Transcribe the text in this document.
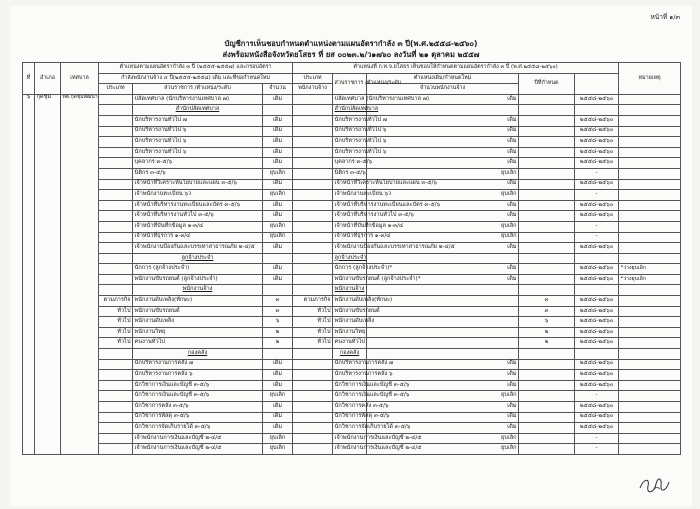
หน้าที่ ๑/๓
บัญชีการเห็นชอบกำหนดตำแหน่งตามแผนอัตรากำลัง ๓ ปี(พ.ศ.๒๕๕๘-๒๕๖๐)
ส่งพร้อมหนังสือจังหวัดยโสธร ที่ ยส ๐๐๒๓.๒/ว๑๗๖๐ ลงวันที่ ๒๑ ตุลาคม ๒๕๕๗
ที่	อำเภอ	เทศบาล	ตำแหน่งตามแผนอัตรากำลัง ๓ ปี (๒๕๕๕-๒๕๕๗) และกรอบอัตรา			ตำแหน่งที่ ก.ท.จ.ยโสธร เห็นชอบให้กำหนดตามแผนอัตรากำลัง ๓ ปี (พ.ศ.๒๕๕๘-๒๕๖๐)					หมายเหตุ
			กำลังพนักงานจ้าง ๔ ปี(๒๕๕๕-๒๕๕๘) เดิม และที่ขอกำหนดใหม่			ประเภท	ส่วนราชการ /ตำแหน่ง/ระดับ	ตำแหน่งเดิม/กำหนดใหม่	ปีที่กำหนด		
			ประเภท	ส่วนราชการ /ตำแหน่ง/ระดับ	จำนวน	พนักงานจ้าง		จำนวนพนักงานจ้าง			
๖	กุดชุม	ทต.กุดชุมพัฒนา		ปลัดเทศบาล (นักบริหารงานเทศบาล ๗)	เดิม		ปลัดเทศบาล (นักบริหารงานเทศบาล ๗)	เดิม		๒๕๕๘-๒๕๖๐	
				สำนักปลัดเทศบาล			สำนักปลัดเทศบาล				
				นักบริหารงานทั่วไป ๗	เดิม		นักบริหารงานทั่วไป ๗	เดิม		๒๕๕๘-๒๕๖๐	
				นักบริหารงานทั่วไป ๖	เดิม		นักบริหารงานทั่วไป ๖	เดิม		๒๕๕๘-๒๕๖๐	
				นักบริหารงานทั่วไป ๖	เดิม		นักบริหารงานทั่วไป ๖	เดิม		๒๕๕๘-๒๕๖๐	
				นักบริหารงานทั่วไป ๖	เดิม		นักบริหารงานทั่วไป ๖	เดิม		๒๕๕๘-๒๕๖๐	
				บุคลากร ๓-๕/๖	เดิม		บุคลากร ๓-๕/๖	เดิม		๒๕๕๘-๒๕๖๐	
				นิติกร ๓-๕/๖	ยุบเลิก		นิติกร ๓-๕/๖	ยุบเลิก		-	
				เจ้าหน้าที่วิเคราะห์นโยบายและแผน ๓-๕/๖	เดิม		เจ้าหน้าที่วิเคราะห์นโยบายและแผน ๓-๕/๖	เดิม		๒๕๕๘-๒๕๖๐	
				เจ้าพนักงานทะเบียน ๖ว	ยุบเลิก		เจ้าพนักงานทะเบียน ๖ว	ยุบเลิก		-	
				เจ้าหน้าที่บริหารงานทะเบียนและบัตร ๓-๕/๖	เดิม		เจ้าหน้าที่บริหารงานทะเบียนและบัตร ๓-๕/๖	เดิม		๒๕๕๘-๒๕๖๐	
				เจ้าหน้าที่บริหารงานทั่วไป ๓-๕/๖	เดิม		เจ้าหน้าที่บริหารงานทั่วไป ๓-๕/๖	เดิม		๒๕๕๘-๒๕๖๐	
				เจ้าหน้าที่บันทึกข้อมูล ๑-๓/๔	ยุบเลิก		เจ้าหน้าที่บันทึกข้อมูล ๑-๓/๔	ยุบเลิก		-	
				เจ้าหน้าที่ธุรการ ๑-๓/๔	ยุบเลิก		เจ้าหน้าที่ธุรการ ๑-๓/๔	ยุบเลิก		-	
				เจ้าพนักงานป้องกันและบรรเทาสาธารณภัย ๒-๔/๕	เดิม		เจ้าพนักงานป้องกันและบรรเทาสาธารณภัย ๒-๔/๕	เดิม		๒๕๕๘-๒๕๖๐	
				ลูกจ้างประจำ			ลูกจ้างประจำ				
				นักการ (ลูกจ้างประจำ)	เดิม		นักการ (ลูกจ้างประจำ)*	เดิม		๒๕๕๘-๒๕๖๐	*ว่างยุบเลิก
				พนักงานขับรถยนต์ (ลูกจ้างประจำ)	เดิม		พนักงานขับรถยนต์ (ลูกจ้างประจำ)*	เดิม		๒๕๕๘-๒๕๖๐	*ว่างยุบเลิก
				พนักงานจ้าง			พนักงานจ้าง				
			ตามภารกิจ	พนักงานดับเพลิง(ทักษะ)	๓	ตามภารกิจ	พนักงานดับเพลิง(ทักษะ)		๓	๒๕๕๘-๒๕๖๐	
			ทั่วไป	พนักงานขับรถยนต์	๓	ทั่วไป	พนักงานขับรถยนต์		๓	๒๕๕๘-๒๕๖๐	
			ทั่วไป	พนักงานดับเพลิง	๖	ทั่วไป	พนักงานดับเพลิง		๖	๒๕๕๘-๒๕๖๐	
			ทั่วไป	พนักงานวิทยุ	๒	ทั่วไป	พนักงานวิทยุ		๒	๒๕๕๘-๒๕๖๐	
			ทั่วไป	คนงานทั่วไป	๒	ทั่วไป	คนงานทั่วไป		๒	๒๕๕๘-๒๕๖๐	
				กองคลัง			กองคลัง				
				นักบริหารงานการคลัง ๗	เดิม		นักบริหารงานการคลัง ๗	เดิม		๒๕๕๘-๒๕๖๐	
				นักบริหารงานการคลัง ๖	เดิม		นักบริหารงานการคลัง ๖	เดิม		๒๕๕๘-๒๕๖๐	
				นักวิชาการเงินและบัญชี ๓-๕/๖	เดิม		นักวิชาการเงินและบัญชี ๓-๕/๖	เดิม		๒๕๕๘-๒๕๖๐	
				นักวิชาการเงินและบัญชี ๓-๕/๖	ยุบเลิก		นักวิชาการเงินและบัญชี ๓-๕/๖	ยุบเลิก		-	
				นักวิชาการคลัง ๓-๕/๖	เดิม		นักวิชาการคลัง ๓-๕/๖	เดิม		๒๕๕๘-๒๕๖๐	
				นักวิชาการพัสดุ ๓-๕/๖	เดิม		นักวิชาการพัสดุ ๓-๕/๖	เดิม		๒๕๕๘-๒๕๖๐	
				นักวิชาการจัดเก็บรายได้ ๓-๕/๖	เดิม		นักวิชาการจัดเก็บรายได้ ๓-๕/๖	เดิม		๒๕๕๘-๒๕๖๐	
				เจ้าพนักงานการเงินและบัญชี ๒-๔/๕	ยุบเลิก		เจ้าพนักงานการเงินและบัญชี ๒-๔/๕	ยุบเลิก		-	
				เจ้าพนักงานการเงินและบัญชี ๒-๔/๕	ยุบเลิก		เจ้าพนักงานการเงินและบัญชี ๒-๔/๕	ยุบเลิก		-	
